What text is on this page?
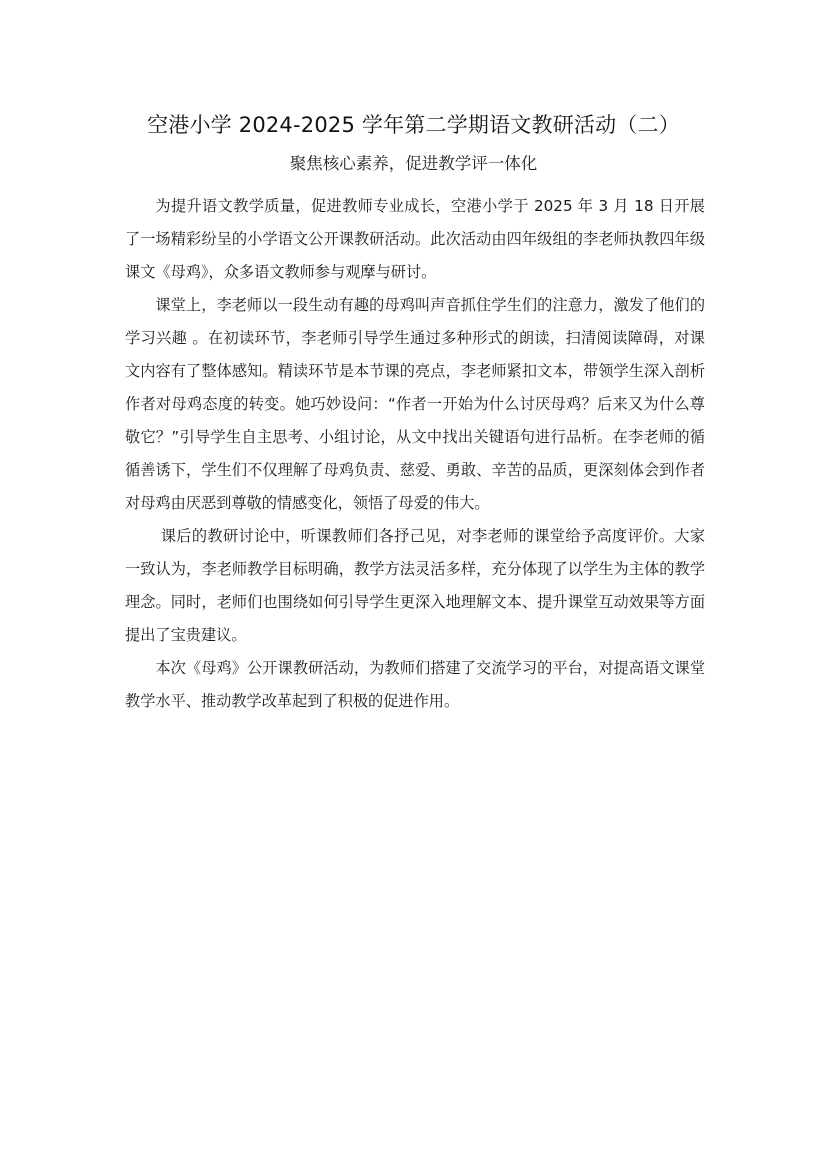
空港小学 2024-2025 学年第二学期语文教研活动（二）
聚焦核心素养，促进教学评一体化

为提升语文教学质量，促进教师专业成长，空港小学于 2025 年 3 月 18 日开展了一场精彩纷呈的小学语文公开课教研活动。此次活动由四年级组的李老师执教四年级课文《母鸡》，众多语文教师参与观摩与研讨。

课堂上，李老师以一段生动有趣的母鸡叫声音抓住学生们的注意力，激发了他们的学习兴趣 。在初读环节，李老师引导学生通过多种形式的朗读，扫清阅读障碍，对课文内容有了整体感知。精读环节是本节课的亮点，李老师紧扣文本，带领学生深入剖析作者对母鸡态度的转变。她巧妙设问：“作者一开始为什么讨厌母鸡？后来又为什么尊敬它？”引导学生自主思考、小组讨论，从文中找出关键语句进行品析。在李老师的循循善诱下，学生们不仅理解了母鸡负责、慈爱、勇敢、辛苦的品质，更深刻体会到作者对母鸡由厌恶到尊敬的情感变化，领悟了母爱的伟大。

课后的教研讨论中，听课教师们各抒己见，对李老师的课堂给予高度评价。大家一致认为，李老师教学目标明确，教学方法灵活多样，充分体现了以学生为主体的教学理念。同时，老师们也围绕如何引导学生更深入地理解文本、提升课堂互动效果等方面提出了宝贵建议。

本次《母鸡》公开课教研活动，为教师们搭建了交流学习的平台，对提高语文课堂教学水平、推动教学改革起到了积极的促进作用。
